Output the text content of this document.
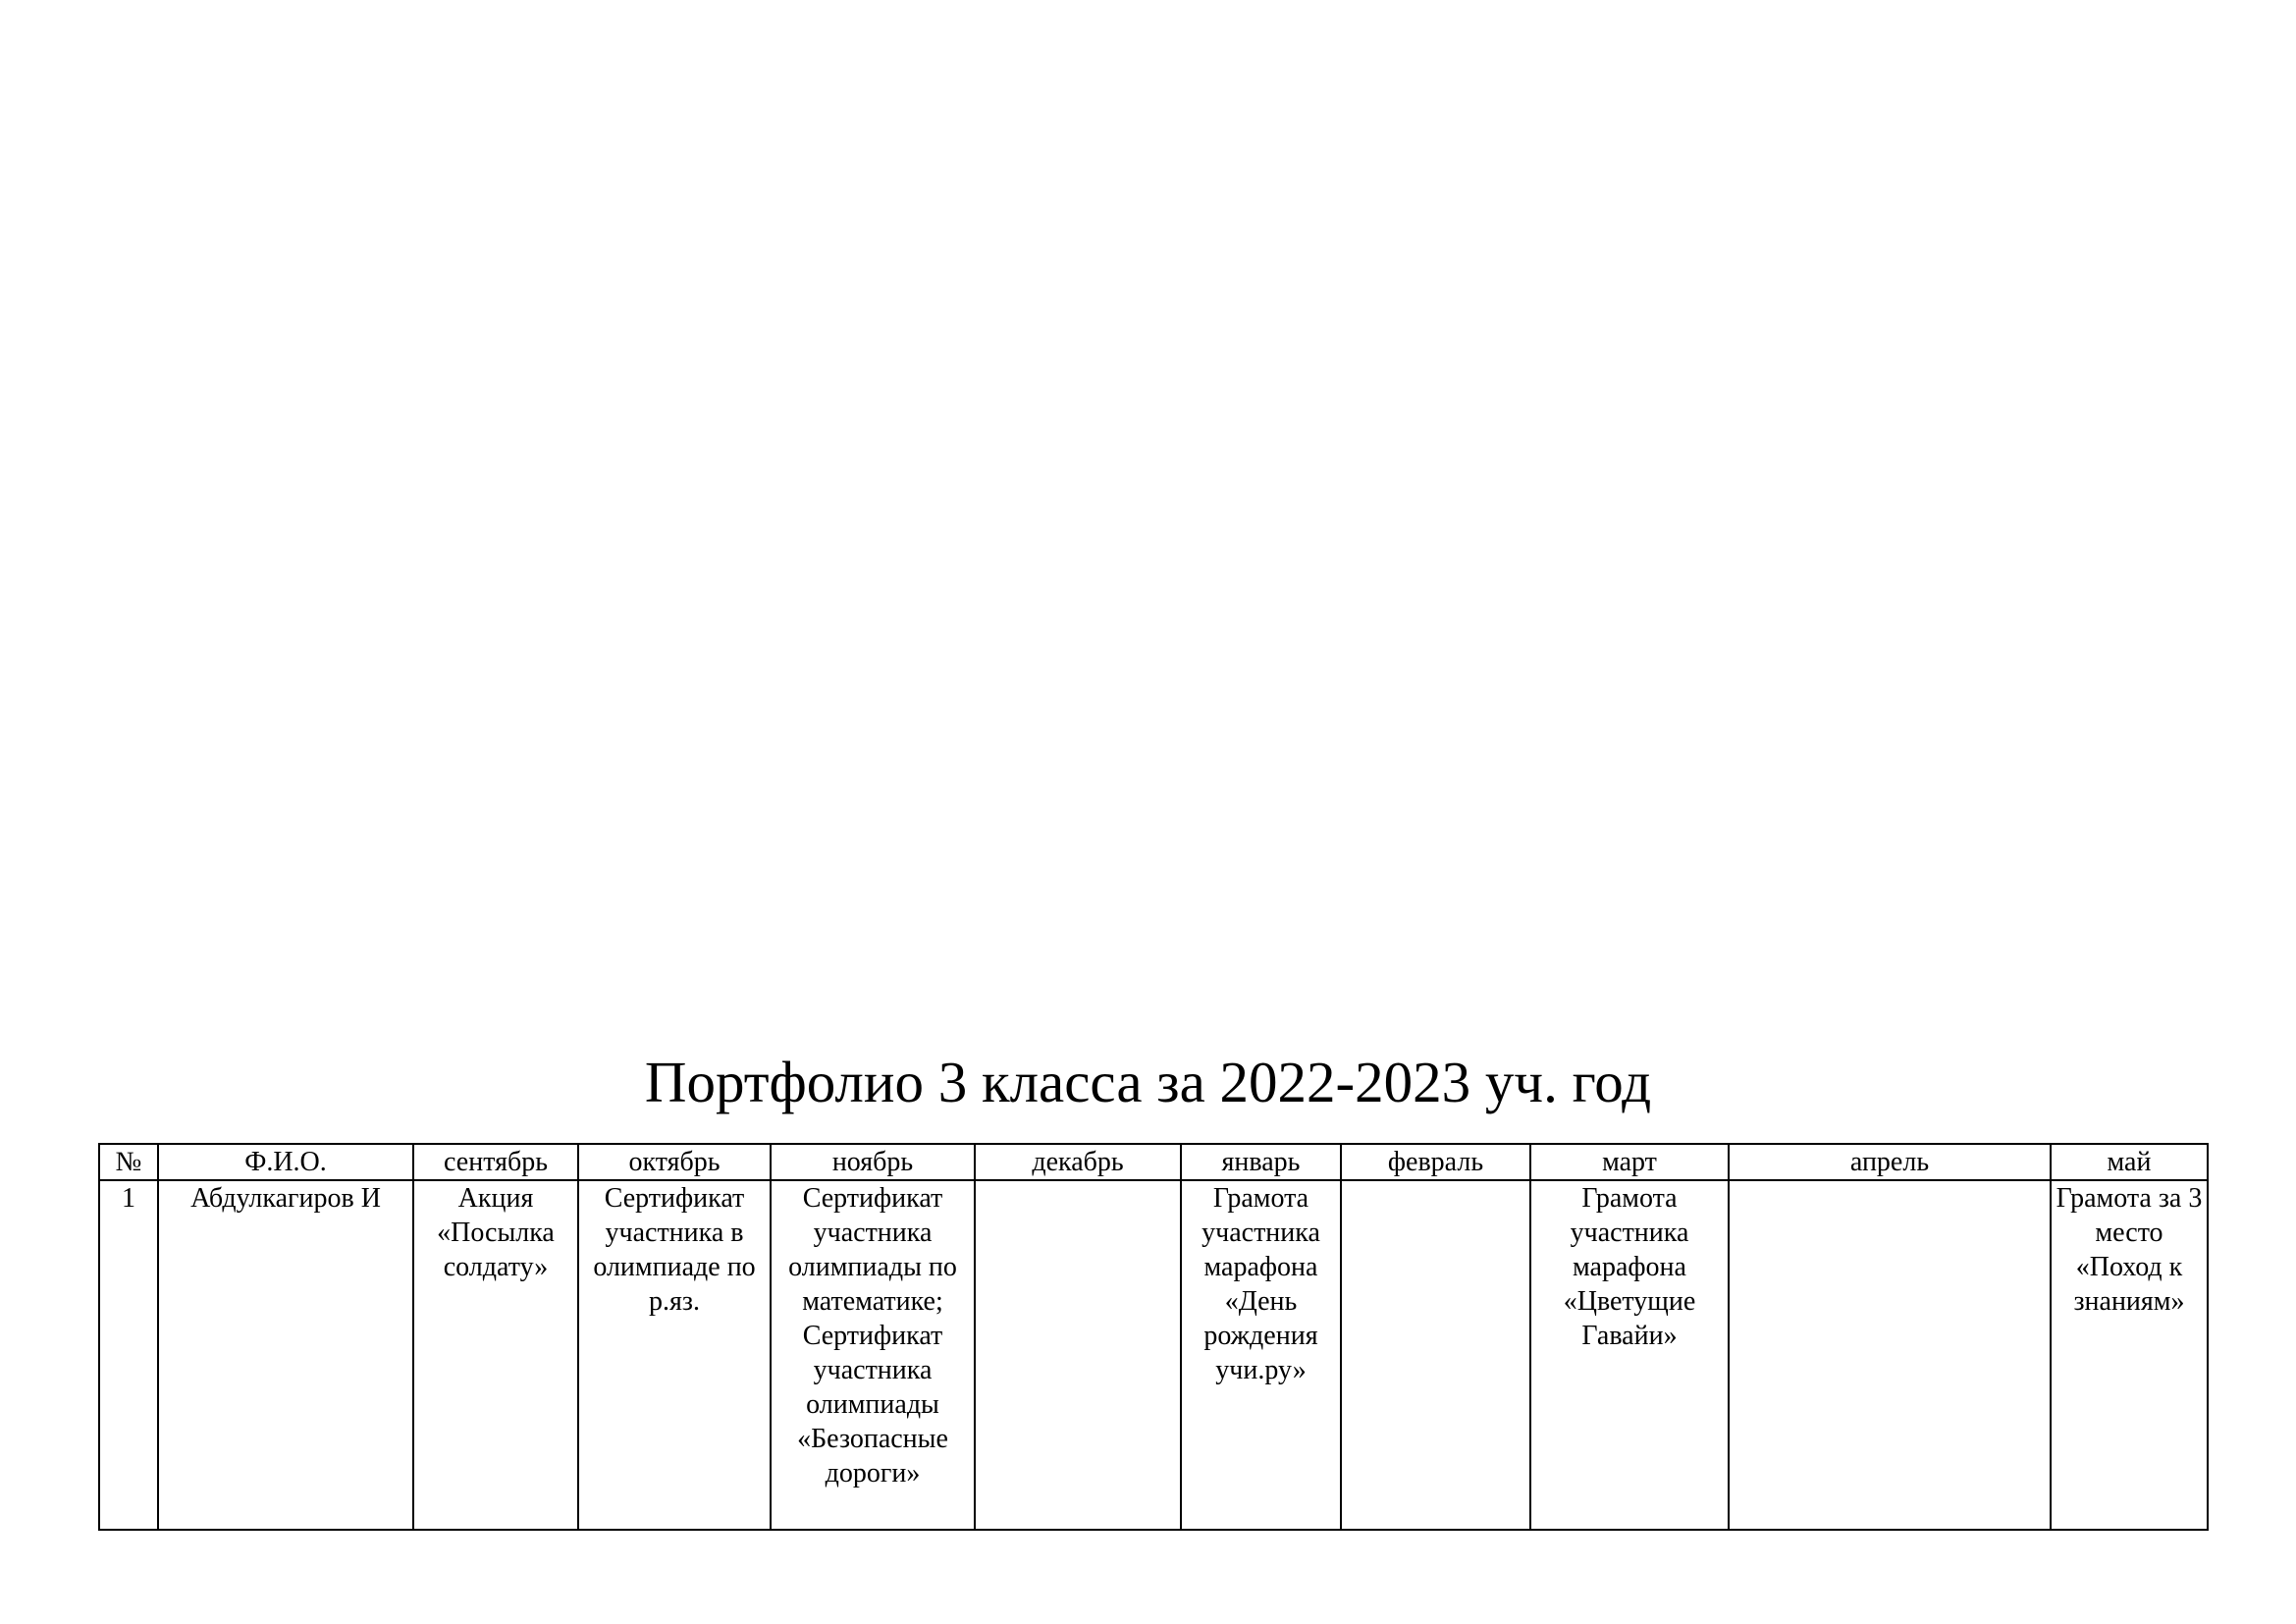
Портфолио 3 класса за 2022-2023 уч. год
№	Ф.И.О.	сентябрь	октябрь	ноябрь	декабрь	январь	февраль	март	апрель	май
1	Абдулкагиров И	Акция «Посылка солдату»	Сертификат участника в олимпиаде по р.яз.	Сертификат участника олимпиады по математике; Сертификат участника олимпиады «Безопасные дороги»		Грамота участника марафона «День рождения учи.ру»		Грамота участника марафона «Цветущие Гавайи»		Грамота за 3 место «Поход к знаниям»
